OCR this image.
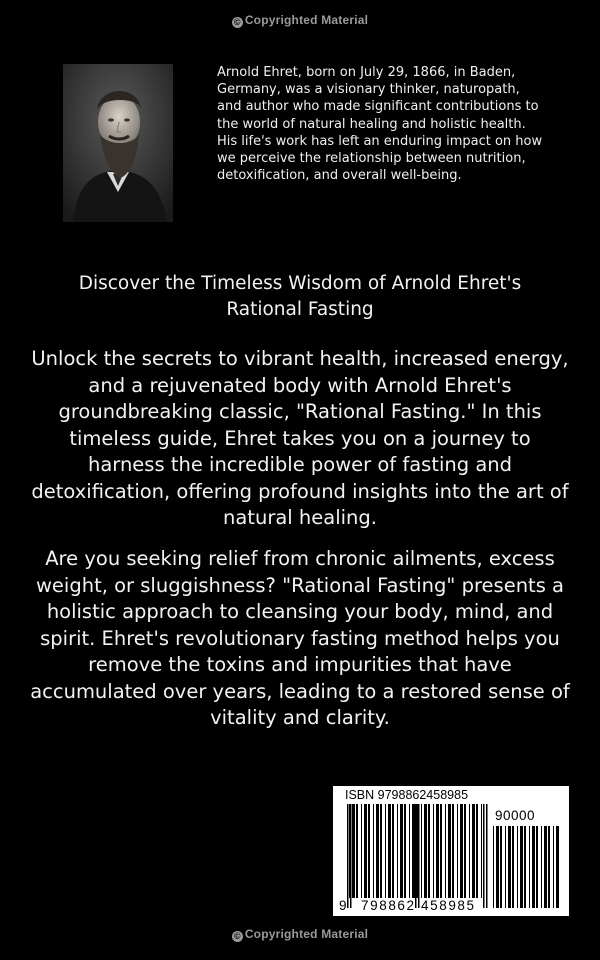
© Copyrighted Material

Arnold Ehret, born on July 29, 1866, in Baden, Germany, was a visionary thinker, naturopath, and author who made significant contributions to the world of natural healing and holistic health. His life's work has left an enduring impact on how we perceive the relationship between nutrition, detoxification, and overall well-being.

Discover the Timeless Wisdom of Arnold Ehret's Rational Fasting

Unlock the secrets to vibrant health, increased energy, and a rejuvenated body with Arnold Ehret's groundbreaking classic, "Rational Fasting." In this timeless guide, Ehret takes you on a journey to harness the incredible power of fasting and detoxification, offering profound insights into the art of natural healing.

Are you seeking relief from chronic ailments, excess weight, or sluggishness? "Rational Fasting" presents a holistic approach to cleansing your body, mind, and spirit. Ehret's revolutionary fasting method helps you remove the toxins and impurities that have accumulated over years, leading to a restored sense of vitality and clarity.

ISBN 9798862458985
90000
9 798862 458985
© Copyrighted Material
